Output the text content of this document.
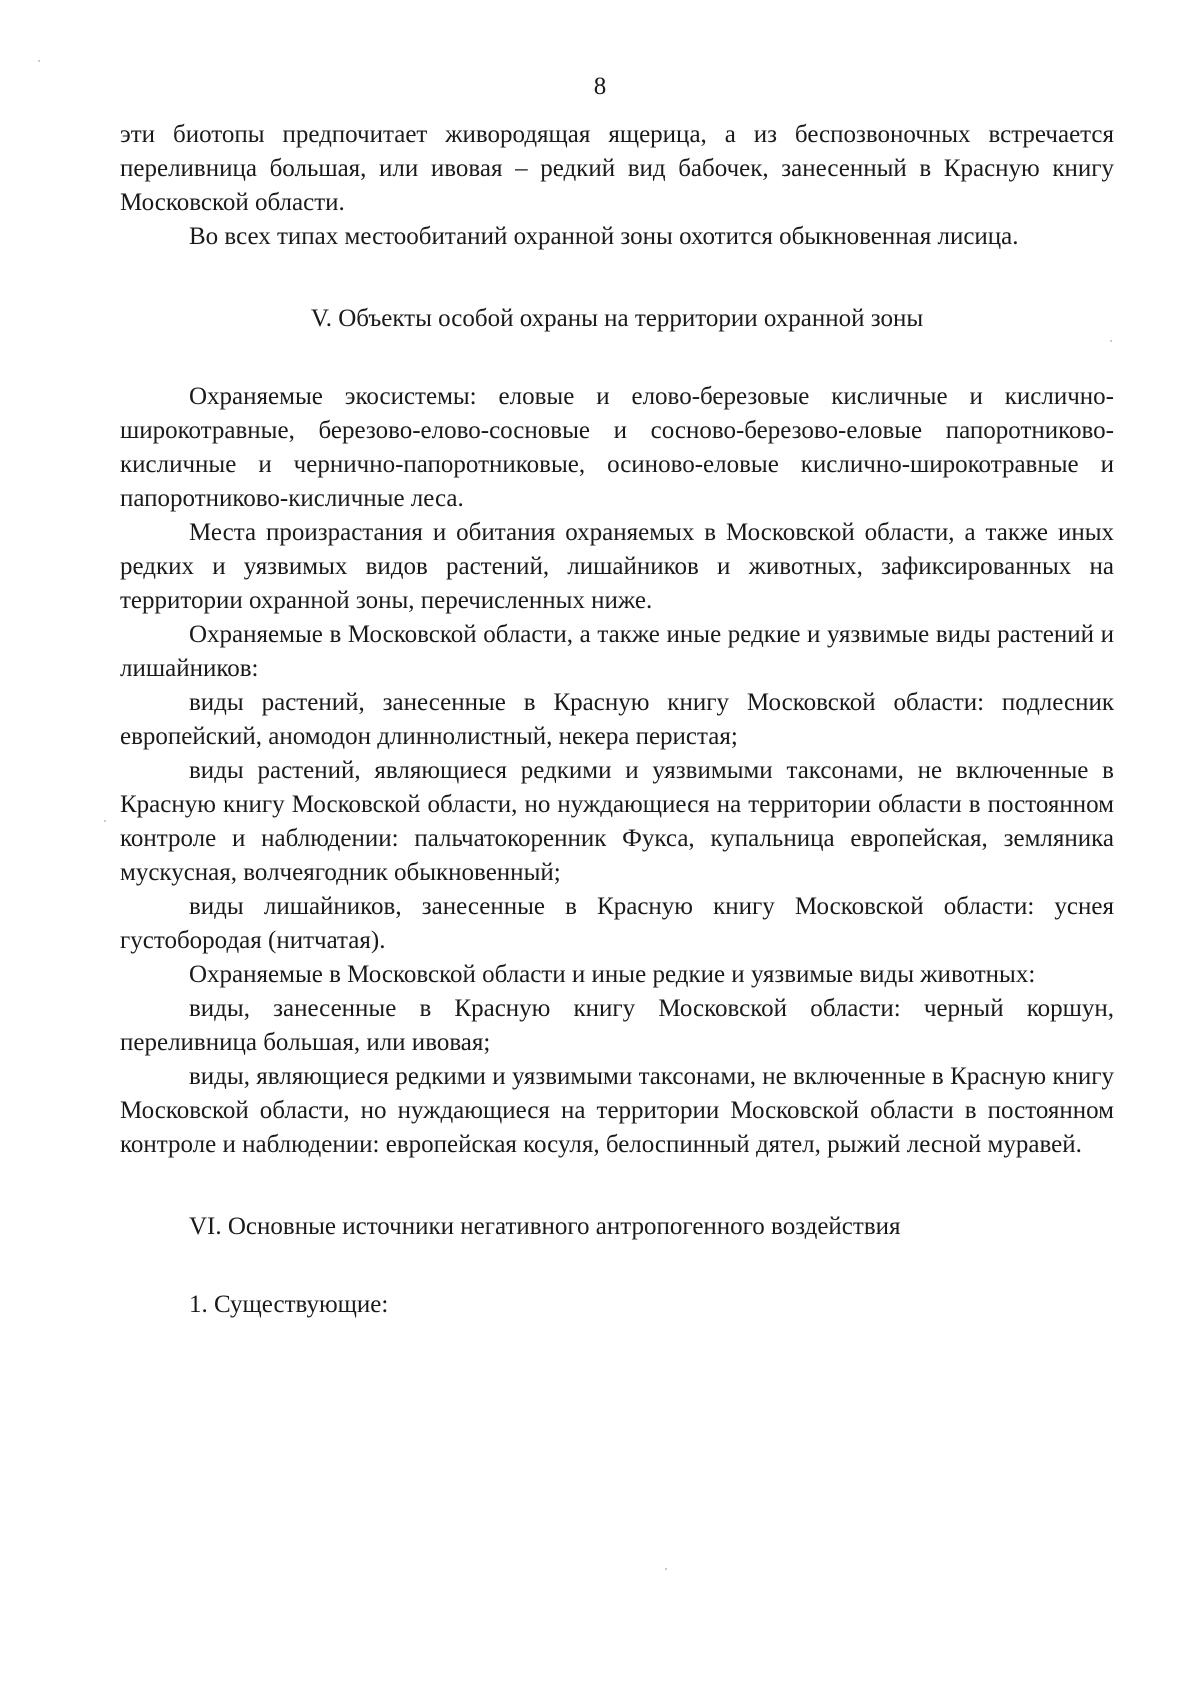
8

эти биотопы предпочитает живородящая ящерица, а из беспозвоночных встречается переливница большая, или ивовая – редкий вид бабочек, занесенный в Красную книгу Московской области.

Во всех типах местообитаний охранной зоны охотится обыкновенная лисица.

V. Объекты особой охраны на территории охранной зоны

Охраняемые экосистемы: еловые и елово-березовые кисличные и кислично-широкотравные, березово-елово-сосновые и сосново-березово-еловые папоротниково-кисличные и чернично-папоротниковые, осиново-еловые кислично-широкотравные и папоротниково-кисличные леса.

Места произрастания и обитания охраняемых в Московской области, а также иных редких и уязвимых видов растений, лишайников и животных, зафиксированных на территории охранной зоны, перечисленных ниже.

Охраняемые в Московской области, а также иные редкие и уязвимые виды растений и лишайников:

виды растений, занесенные в Красную книгу Московской области: подлесник европейский, аномодон длиннолистный, некера перистая;

виды растений, являющиеся редкими и уязвимыми таксонами, не включенные в Красную книгу Московской области, но нуждающиеся на территории области в постоянном контроле и наблюдении: пальчатокоренник Фукса, купальница европейская, земляника мускусная, волчеягодник обыкновенный;

виды лишайников, занесенные в Красную книгу Московской области: уснея густобородая (нитчатая).

Охраняемые в Московской области и иные редкие и уязвимые виды животных:

виды, занесенные в Красную книгу Московской области: черный коршун, переливница большая, или ивовая;

виды, являющиеся редкими и уязвимыми таксонами, не включенные в Красную книгу Московской области, но нуждающиеся на территории Московской области в постоянном контроле и наблюдении: европейская косуля, белоспинный дятел, рыжий лесной муравей.

VI. Основные источники негативного антропогенного воздействия

1. Существующие:
